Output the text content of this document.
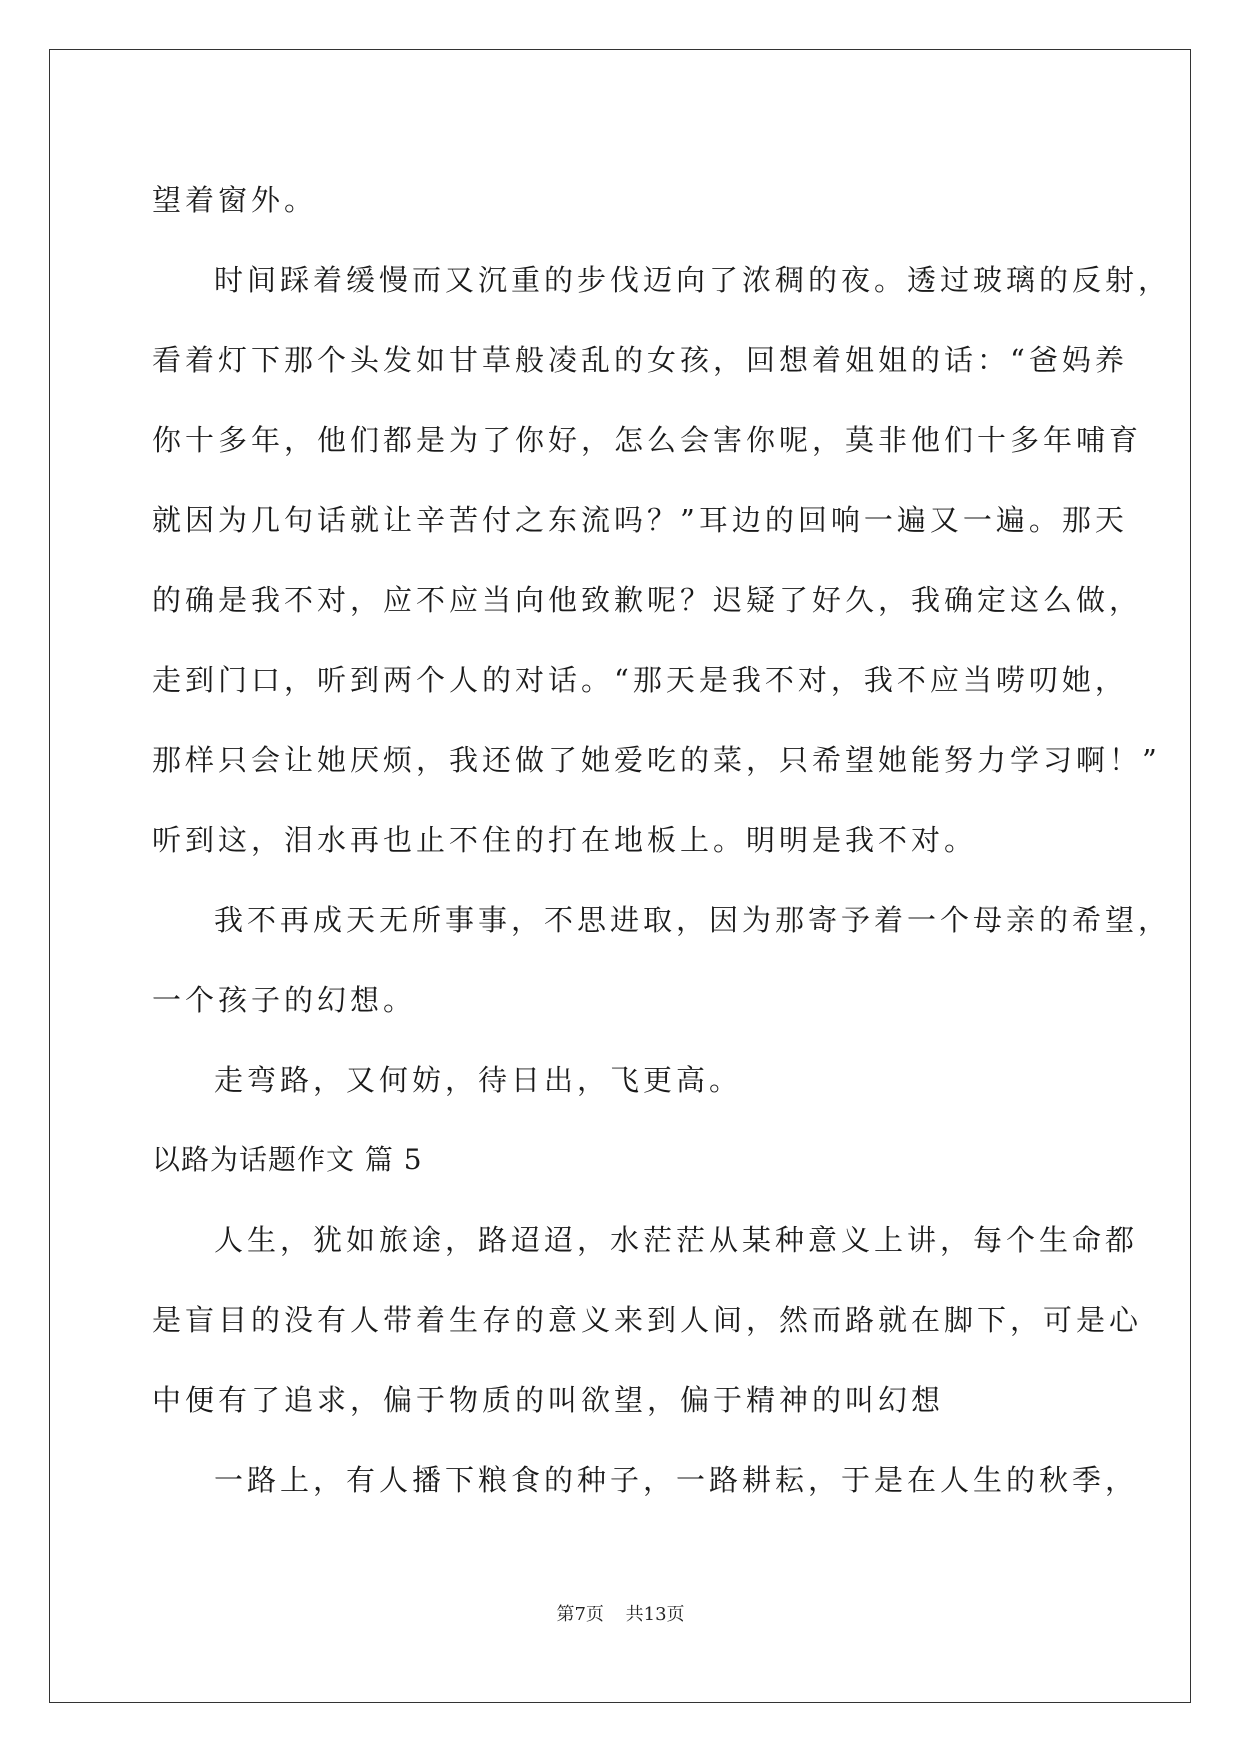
望着窗外。
时间踩着缓慢而又沉重的步伐迈向了浓稠的夜。透过玻璃的反射，
看着灯下那个头发如甘草般凌乱的女孩，回想着姐姐的话：“爸妈养
你十多年，他们都是为了你好，怎么会害你呢，莫非他们十多年哺育
就因为几句话就让辛苦付之东流吗？”耳边的回响一遍又一遍。那天
的确是我不对，应不应当向他致歉呢？迟疑了好久，我确定这么做，
走到门口，听到两个人的对话。“那天是我不对，我不应当唠叨她，
那样只会让她厌烦，我还做了她爱吃的菜，只希望她能努力学习啊！”
听到这，泪水再也止不住的打在地板上。明明是我不对。
我不再成天无所事事，不思进取，因为那寄予着一个母亲的希望，
一个孩子的幻想。
走弯路，又何妨，待日出，飞更高。
以路为话题作文 篇 5
人生，犹如旅途，路迢迢，水茫茫从某种意义上讲，每个生命都
是盲目的没有人带着生存的意义来到人间，然而路就在脚下，可是心
中便有了追求，偏于物质的叫欲望，偏于精神的叫幻想
一路上，有人播下粮食的种子，一路耕耘，于是在人生的秋季，
第7页 共13页
